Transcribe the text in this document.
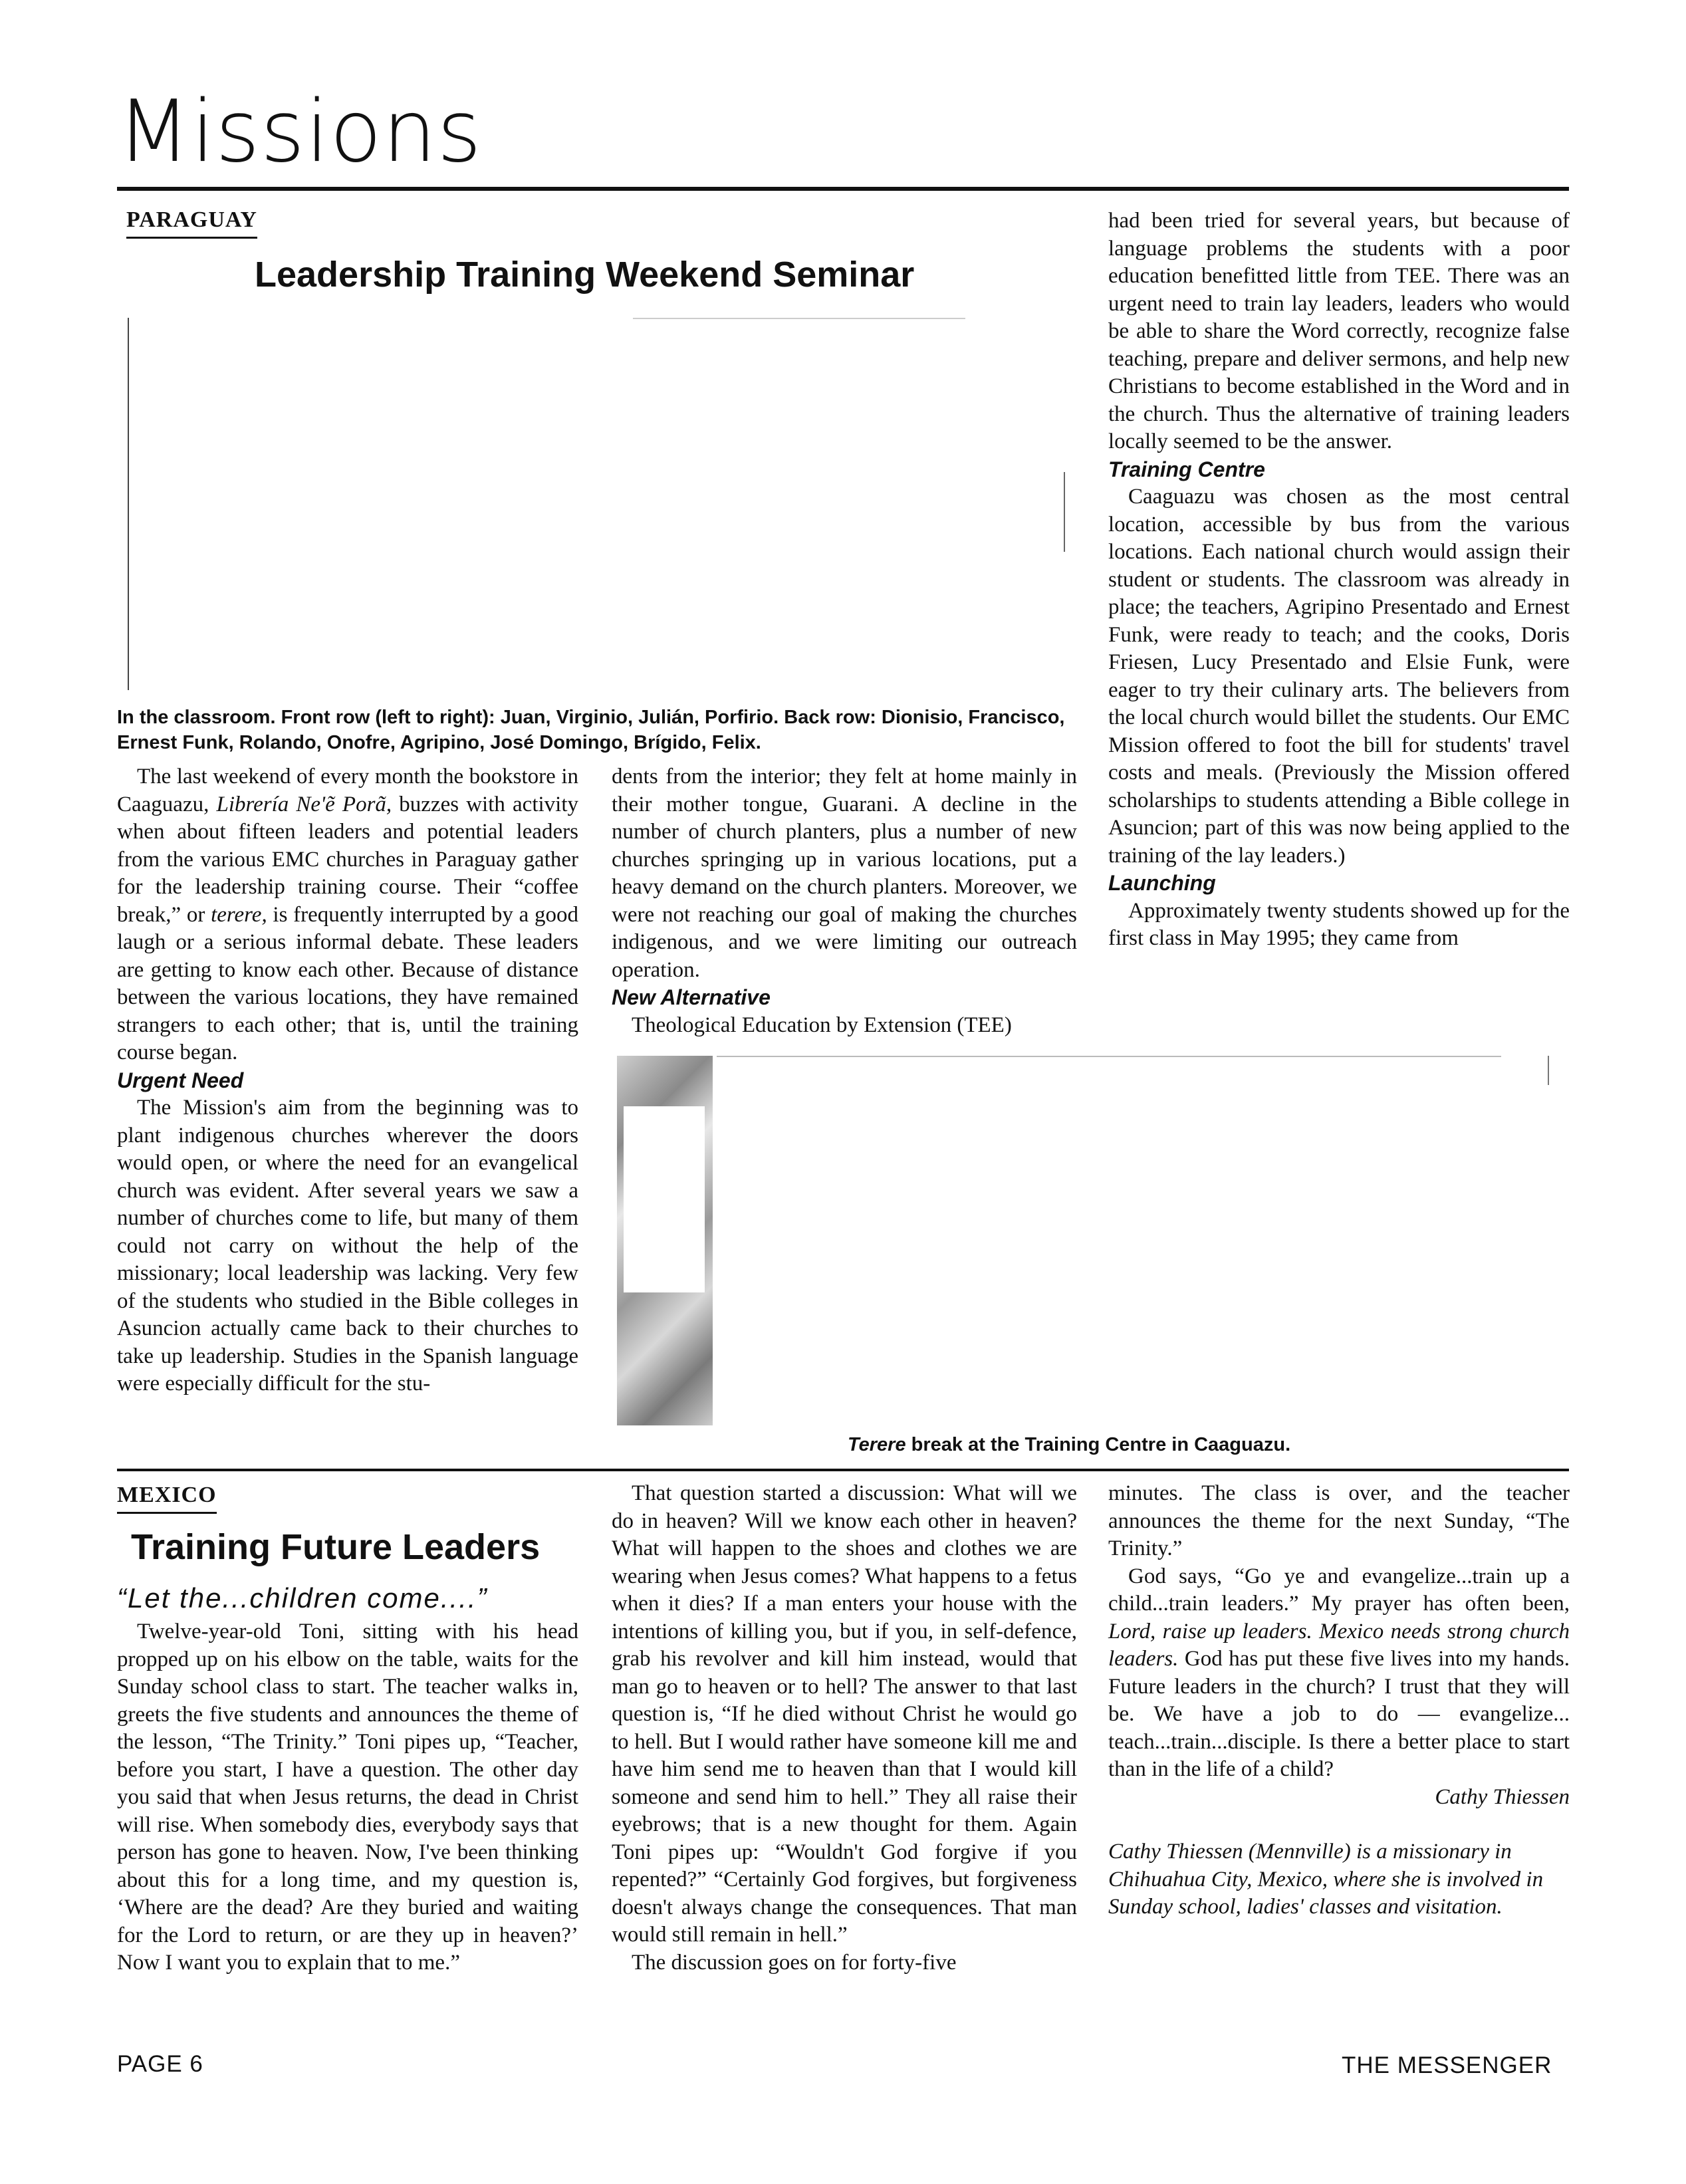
Missions
PARAGUAY
Leadership Training Weekend Seminar
In the classroom. Front row (left to right): Juan, Virginio, Julián, Porfirio. Back row: Dionisio, Francisco, Ernest Funk, Rolando, Onofre, Agripino, José Domingo, Brígido, Felix.

The last weekend of every month the bookstore in Caaguazu, Librería Ne'ẽ Porã, buzzes with activity when about fifteen leaders and potential leaders from the various EMC churches in Paraguay gather for the leadership training course. Their “coffee break,” or terere, is frequently interrupted by a good laugh or a serious informal debate. These leaders are getting to know each other. Because of distance between the various locations, they have remained strangers to each other; that is, until the training course began.

Urgent Need

The Mission's aim from the beginning was to plant indigenous churches wherever the doors would open, or where the need for an evangelical church was evident. After several years we saw a number of churches come to life, but many of them could not carry on without the help of the missionary; local leadership was lacking. Very few of the students who studied in the Bible colleges in Asuncion actually came back to their churches to take up leadership. Studies in the Spanish language were especially difficult for the stu-

dents from the interior; they felt at home mainly in their mother tongue, Guarani. A decline in the number of church planters, plus a number of new churches springing up in various locations, put a heavy demand on the church planters. Moreover, we were not reaching our goal of making the churches indigenous, and we were limiting our outreach operation.

New Alternative

Theological Education by Extension (TEE)

had been tried for several years, but because of language problems the students with a poor education benefitted little from TEE. There was an urgent need to train lay leaders, leaders who would be able to share the Word correctly, recognize false teaching, prepare and deliver sermons, and help new Christians to become established in the Word and in the church. Thus the alternative of training leaders locally seemed to be the answer.

Training Centre

Caaguazu was chosen as the most central location, accessible by bus from the various locations. Each national church would assign their student or students. The classroom was already in place; the teachers, Agripino Presentado and Ernest Funk, were ready to teach; and the cooks, Doris Friesen, Lucy Presentado and Elsie Funk, were eager to try their culinary arts. The believers from the local church would billet the students. Our EMC Mission offered to foot the bill for students' travel costs and meals. (Previously the Mission offered scholarships to students attending a Bible college in Asuncion; part of this was now being applied to the training of the lay leaders.)

Launching

Approximately twenty students showed up for the first class in May 1995; they came from

Terere break at the Training Centre in Caaguazu.
MEXICO
Training Future Leaders
“Let the...children come....”

Twelve-year-old Toni, sitting with his head propped up on his elbow on the table, waits for the Sunday school class to start. The teacher walks in, greets the five students and announces the theme of the lesson, “The Trinity.” Toni pipes up, “Teacher, before you start, I have a question. The other day you said that when Jesus returns, the dead in Christ will rise. When somebody dies, everybody says that person has gone to heaven. Now, I've been thinking about this for a long time, and my question is, ‘Where are the dead? Are they buried and waiting for the Lord to return, or are they up in heaven?’ Now I want you to explain that to me.”

That question started a discussion: What will we do in heaven? Will we know each other in heaven? What will happen to the shoes and clothes we are wearing when Jesus comes? What happens to a fetus when it dies? If a man enters your house with the intentions of killing you, but if you, in self-defence, grab his revolver and kill him instead, would that man go to heaven or to hell? The answer to that last question is, “If he died without Christ he would go to hell. But I would rather have someone kill me and have him send me to heaven than that I would kill someone and send him to hell.” They all raise their eyebrows; that is a new thought for them. Again Toni pipes up: “Wouldn't God forgive if you repented?” “Certainly God forgives, but forgiveness doesn't always change the consequences. That man would still remain in hell.”

The discussion goes on for forty-five

minutes. The class is over, and the teacher announces the theme for the next Sunday, “The Trinity.”

God says, “Go ye and evangelize...train up a child...train leaders.” My prayer has often been, Lord, raise up leaders. Mexico needs strong church leaders. God has put these five lives into my hands. Future leaders in the church? I trust that they will be. We have a job to do — evangelize... teach...train...disciple. Is there a better place to start than in the life of a child?

Cathy Thiessen
Cathy Thiessen (Mennville) is a missionary in Chihuahua City, Mexico, where she is involved in Sunday school, ladies' classes and visitation.
PAGE 6	THE MESSENGER
